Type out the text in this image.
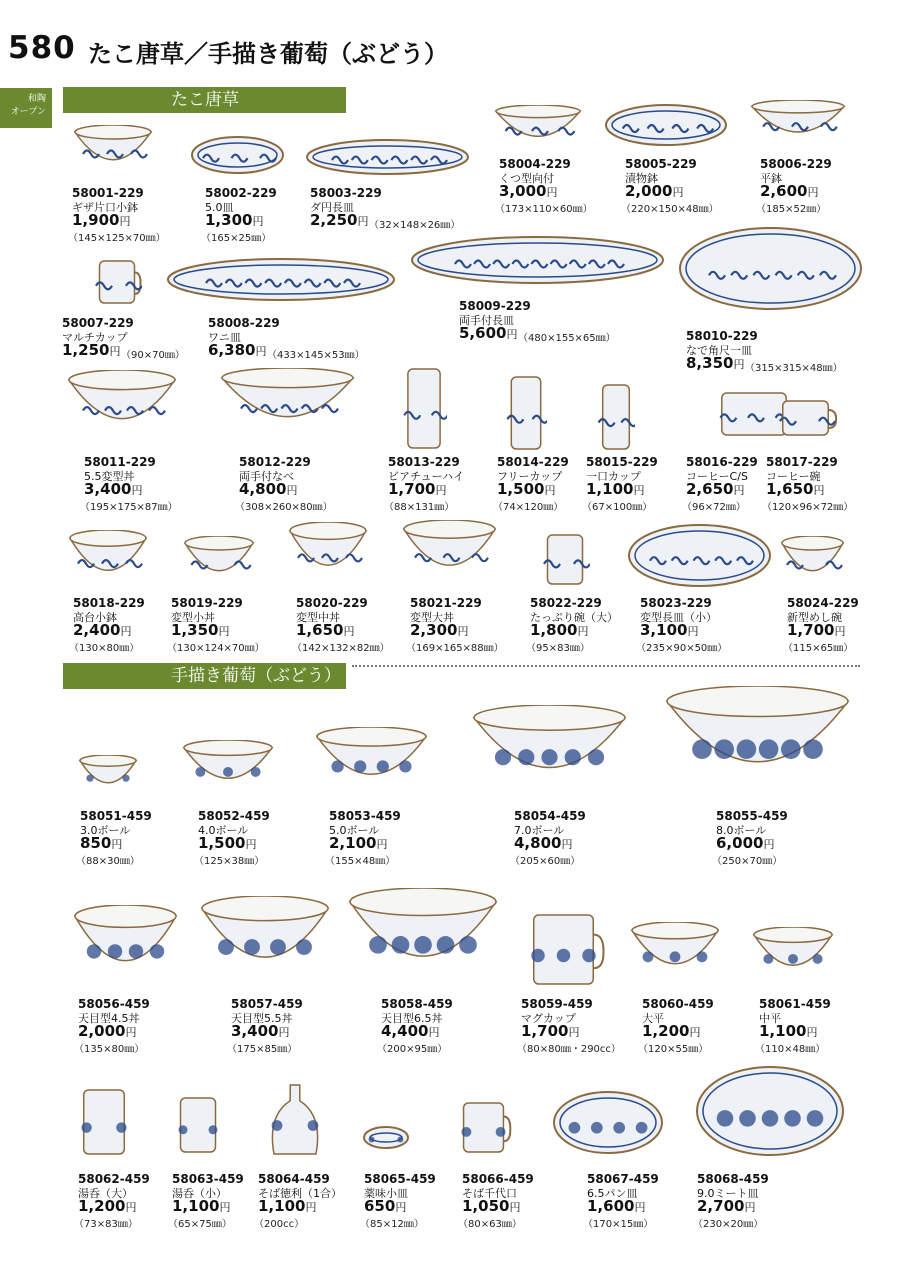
580 たこ唐草／手描き葡萄（ぶどう）
和陶
オープン
たこ唐草
手描き葡萄（ぶどう）
58001-229
ギザ片口小鉢
1,900円
（145×125×70㎜）
58002-229
5.0皿
1,300円
（165×25㎜）
58003-229
ダ円長皿
2,250円 （32×148×26㎜）
58004-229
くつ型向付
3,000円
（173×110×60㎜）
58005-229
漬物鉢
2,000円
（220×150×48㎜）
58006-229
平鉢
2,600円
（185×52㎜）
58007-229
マルチカップ
1,250円 （90×70㎜）
58008-229
ワニ皿
6,380円 （433×145×53㎜）
58009-229
両手付長皿
5,600円 （480×155×65㎜）	58010-229
なで角尺一皿
8,350円 （315×315×48㎜）
58011-229
5.5変型丼
3,400円
（195×175×87㎜）
58012-229
両手付なべ
4,800円
（308×260×80㎜）
58013-229
ビアチューハイ
1,700円
（88×131㎜）
58014-229
フリーカップ
1,500円
（74×120㎜）
58015-229
一口カップ
1,100円
（67×100㎜）
58016-229
コーヒーC/S
2,650円
（96×72㎜）
58017-229
コーヒー碗
1,650円
（120×96×72㎜）
58018-229
高台小鉢
2,400円
（130×80㎜）
58019-229
変型小丼
1,350円
（130×124×70㎜）
58020-229
変型中丼
1,650円
（142×132×82㎜）
58021-229
変型大丼
2,300円
（169×165×88㎜）
58022-229
たっぷり碗（大）
1,800円
（95×83㎜）
58023-229
変型長皿（小）
3,100円
（235×90×50㎜）
58024-229
新型めし碗
1,700円
（115×65㎜）
58051-459
3.0ボール
850円
（88×30㎜）
58052-459
4.0ボール
1,500円
（125×38㎜）
58053-459
5.0ボール
2,100円
（155×48㎜）
58054-459
7.0ボール
4,800円
（205×60㎜）
58055-459
8.0ボール
6,000円
（250×70㎜）
58056-459
天目型4.5丼
2,000円
（135×80㎜）
58057-459
天目型5.5丼
3,400円
（175×85㎜）
58058-459
天目型6.5丼
4,400円
（200×95㎜）
58059-459
マグカップ
1,700円
（80×80㎜・290cc）
58060-459
大平
1,200円
（120×55㎜）
58061-459
中平
1,100円
（110×48㎜）
58062-459
湯呑（大）
1,200円
（73×83㎜）
58063-459
湯呑（小）
1,100円
（65×75㎜）
58064-459
そば徳利（1合）
1,100円
（200cc）
58065-459
薬味小皿
650円
（85×12㎜）
58066-459
そば千代口
1,050円
（80×63㎜）
58067-459
6.5パン皿
1,600円
（170×15㎜）
58068-459
9.0ミート皿
2,700円
（230×20㎜）
